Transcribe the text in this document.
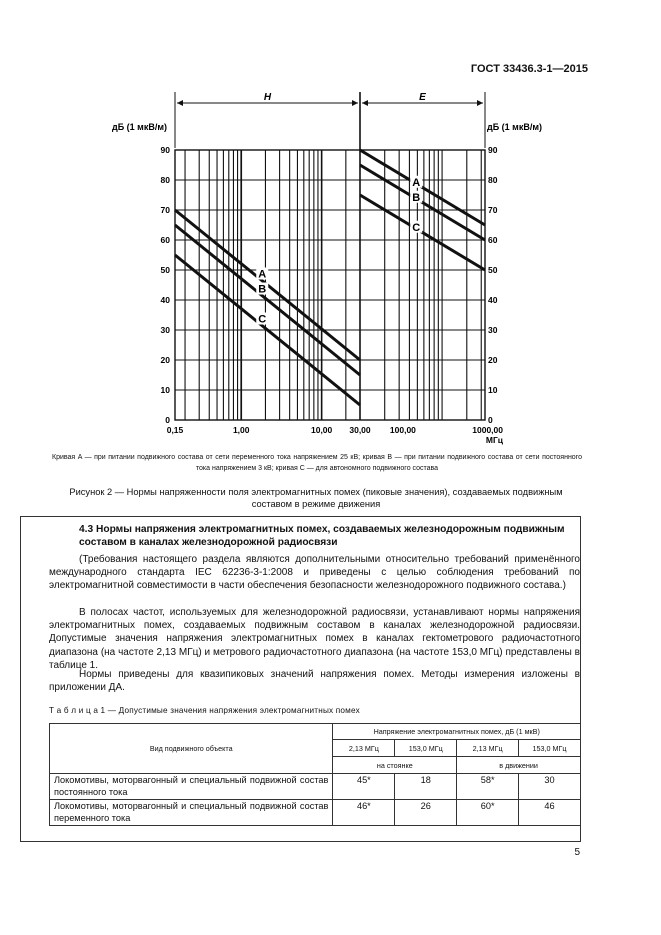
ГОСТ 33436.3-1—2015
H	E
дБ (1 мкВ/м)	дБ (1 мкВ/м)
0	0
10	10
20	20
30	30
40	40
50	50
60	60
70	70
80	80
90	90
0,15	1,00	10,00 30,00 100,00	1000,00
МГц
A
A
B
B
C
C
Кривая A — при питании подвижного состава от сети переменного тока напряжением 25 кВ; кривая B — при питании подвижного состава от сети постоянного тока напряжением 3 кВ; кривая C — для автономного подвижного состава
Рисунок 2 — Нормы напряженности поля электромагнитных помех (пиковые значения), создаваемых подвижным составом в режиме движения
4.3 Нормы напряжения электромагнитных помех, создаваемых железнодорожным подвижным составом в каналах железнодорожной радиосвязи
(Требования настоящего раздела являются дополнительными относительно требований применённого международного стандарта IEC 62236-3-1:2008 и приведены с целью соблюдения требований по электромагнитной совместимости в части обеспечения безопасности железнодорожного подвижного состава.)
В полосах частот, используемых для железнодорожной радиосвязи, устанавливают нормы напряжения электромагнитных помех, создаваемых подвижным составом в каналах железнодорожной радиосвязи. Допустимые значения напряжения электромагнитных помех в каналах гектометрового радиочастотного диапазона (на частоте 2,13 МГц) и метрового радиочастотного диапазона (на частоте 153,0 МГц) представлены в таблице 1.
Нормы приведены для квазипиковых значений напряжения помех. Методы измерения изложены в приложении ДА.
Т а б л и ц а 1 — Допустимые значения напряжения электромагнитных помех
Вид подвижного объекта	Напряжение электромагнитных помех, дБ (1 мкВ)			
	2,13 МГц	153,0 МГц	2,13 МГц	153,0 МГц
	на стоянке		в движении	
Локомотивы, моторвагонный и специальный подвижной состав постоянного тока	45*	18	58*	30
Локомотивы, моторвагонный и специальный подвижной состав переменного тока	46*	26	60*	46
5
